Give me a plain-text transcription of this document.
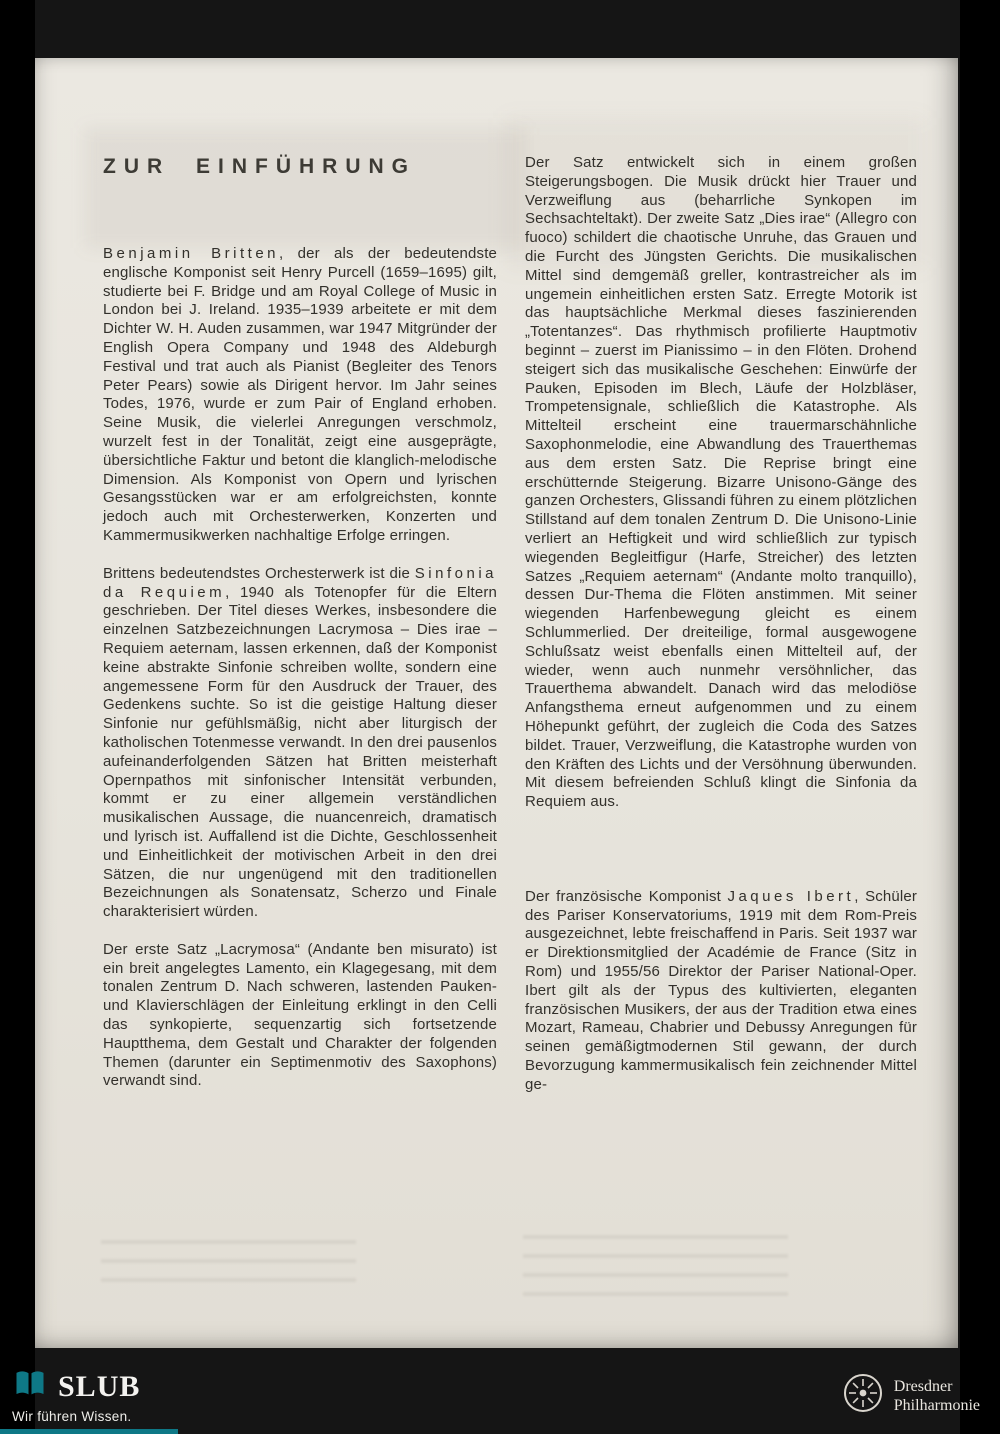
ZUR EINFÜHRUNG

Benjamin Britten, der als der bedeutendste englische Komponist seit Henry Purcell (1659–1695) gilt, studierte bei F. Bridge und am Royal College of Music in London bei J. Ireland. 1935–1939 arbeitete er mit dem Dichter W. H. Auden zusammen, war 1947 Mitgründer der English Opera Company und 1948 des Aldeburgh Festival und trat auch als Pianist (Begleiter des Tenors Peter Pears) sowie als Dirigent hervor. Im Jahr seines Todes, 1976, wurde er zum Pair of England erhoben. Seine Musik, die vielerlei Anregungen verschmolz, wurzelt fest in der Tonalität, zeigt eine ausgeprägte, übersichtliche Faktur und betont die klanglich-melodische Dimension. Als Komponist von Opern und lyrischen Gesangsstücken war er am erfolgreichsten, konnte jedoch auch mit Orchesterwerken, Konzerten und Kammermusikwerken nachhaltige Erfolge erringen.

Brittens bedeutendstes Orchesterwerk ist die Sinfonia da Requiem, 1940 als Totenopfer für die Eltern geschrieben. Der Titel dieses Werkes, insbesondere die einzelnen Satzbezeichnungen Lacrymosa – Dies irae – Requiem aeternam, lassen erkennen, daß der Komponist keine abstrakte Sinfonie schreiben wollte, sondern eine angemessene Form für den Ausdruck der Trauer, des Gedenkens suchte. So ist die geistige Haltung dieser Sinfonie nur gefühlsmäßig, nicht aber liturgisch der katholischen Totenmesse verwandt. In den drei pausenlos aufeinanderfolgenden Sätzen hat Britten meisterhaft Opernpathos mit sinfonischer Intensität verbunden, kommt er zu einer allgemein verständlichen musikalischen Aussage, die nuancenreich, dramatisch und lyrisch ist. Auffallend ist die Dichte, Geschlossenheit und Einheitlichkeit der motivischen Arbeit in den drei Sätzen, die nur ungenügend mit den traditionellen Bezeichnungen als Sonatensatz, Scherzo und Finale charakterisiert würden.

Der erste Satz „Lacrymosa“ (Andante ben misurato) ist ein breit angelegtes Lamento, ein Klagegesang, mit dem tonalen Zentrum D. Nach schweren, lastenden Pauken- und Klavierschlägen der Einleitung erklingt in den Celli das synkopierte, sequenzartig sich fortsetzende Hauptthema, dem Gestalt und Charakter der folgenden Themen (darunter ein Septimenmotiv des Saxophons) verwandt sind.

Der Satz entwickelt sich in einem großen Steigerungsbogen. Die Musik drückt hier Trauer und Verzweiflung aus (beharrliche Synkopen im Sechsachteltakt). Der zweite Satz „Dies irae“ (Allegro con fuoco) schildert die chaotische Unruhe, das Grauen und die Furcht des Jüngsten Gerichts. Die musikalischen Mittel sind demgemäß greller, kontrastreicher als im ungemein einheitlichen ersten Satz. Erregte Motorik ist das hauptsächliche Merkmal dieses faszinierenden „Totentanzes“. Das rhythmisch profilierte Hauptmotiv beginnt – zuerst im Pianissimo – in den Flöten. Drohend steigert sich das musikalische Geschehen: Einwürfe der Pauken, Episoden im Blech, Läufe der Holzbläser, Trompetensignale, schließlich die Katastrophe. Als Mittelteil erscheint eine trauermarschähnliche Saxophonmelodie, eine Abwandlung des Trauerthemas aus dem ersten Satz. Die Reprise bringt eine erschütternde Steigerung. Bizarre Unisono-Gänge des ganzen Orchesters, Glissandi führen zu einem plötzlichen Stillstand auf dem tonalen Zentrum D. Die Unisono-Linie verliert an Heftigkeit und wird schließlich zur typisch wiegenden Begleitfigur (Harfe, Streicher) des letzten Satzes „Requiem aeternam“ (Andante molto tranquillo), dessen Dur-Thema die Flöten anstimmen. Mit seiner wiegenden Harfenbewegung gleicht es einem Schlummerlied. Der dreiteilige, formal ausgewogene Schlußsatz weist ebenfalls einen Mittelteil auf, der wieder, wenn auch nunmehr versöhnlicher, das Trauerthema abwandelt. Danach wird das melodiöse Anfangsthema erneut aufgenommen und zu einem Höhepunkt geführt, der zugleich die Coda des Satzes bildet. Trauer, Verzweiflung, die Katastrophe wurden von den Kräften des Lichts und der Versöhnung überwunden. Mit diesem befreienden Schluß klingt die Sinfonia da Requiem aus.

Der französische Komponist Jaques Ibert, Schüler des Pariser Konservatoriums, 1919 mit dem Rom-Preis ausgezeichnet, lebte freischaffend in Paris. Seit 1937 war er Direktionsmitglied der Académie de France (Sitz in Rom) und 1955/56 Direktor der Pariser National-Oper. Ibert gilt als der Typus des kultivierten, eleganten französischen Musikers, der aus der Tradition etwa eines Mozart, Rameau, Chabrier und Debussy Anregungen für seinen gemäßigtmodernen Stil gewann, der durch Bevorzugung kammermusikalisch fein zeichnender Mittel ge-

SLUB
Wir führen Wissen.
Dresdner
Philharmonie
